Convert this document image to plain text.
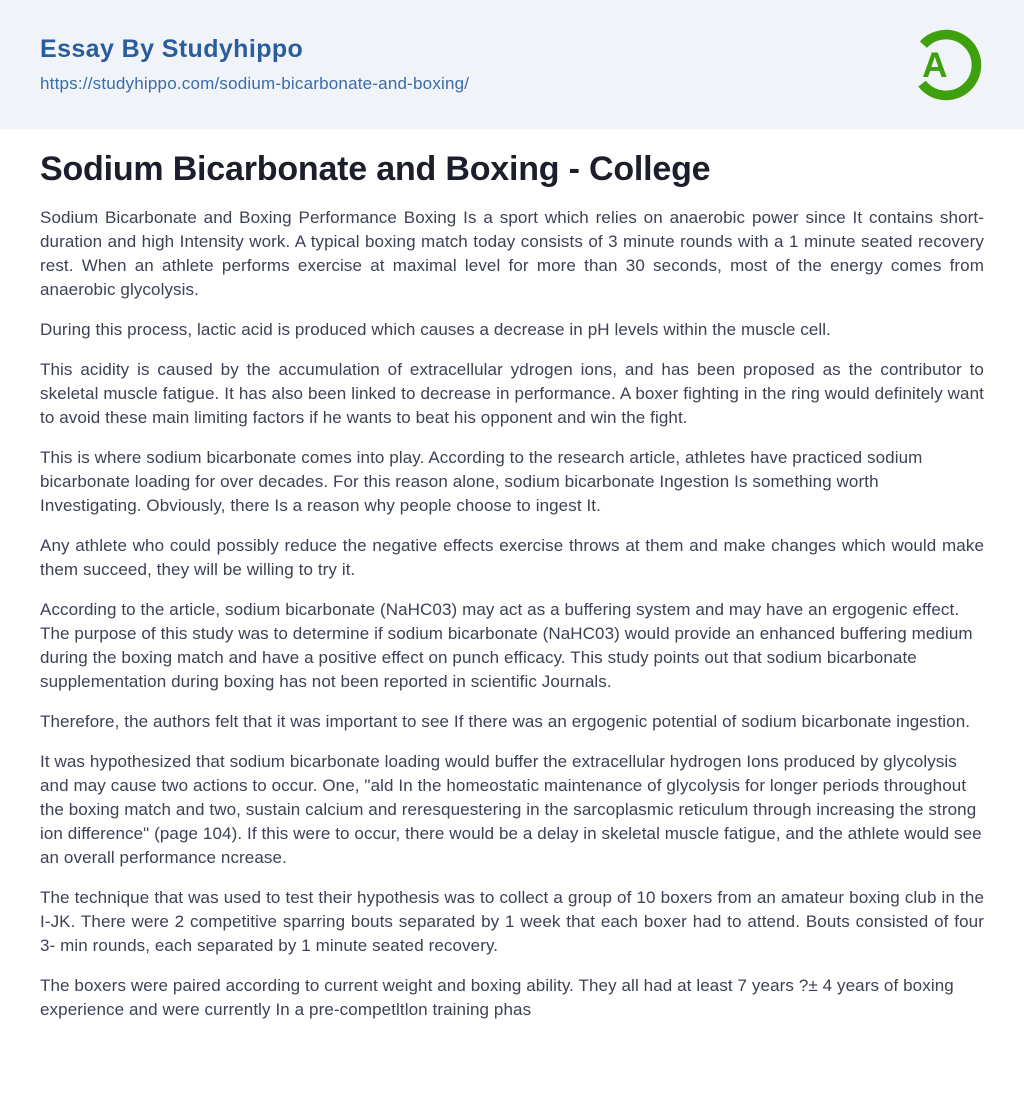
Essay By Studyhippo
https://studyhippo.com/sodium-bicarbonate-and-boxing/	A
Sodium Bicarbonate and Boxing - College

Sodium Bicarbonate and Boxing Performance Boxing Is a sport which relies on anaerobic power since It contains short-duration and high Intensity work. A typical boxing match today consists of 3 minute rounds with a 1 minute seated recovery rest. When an athlete performs exercise at maximal level for more than 30 seconds, most of the energy comes from anaerobic glycolysis.

During this process, lactic acid is produced which causes a decrease in pH levels within the muscle cell.

This acidity is caused by the accumulation of extracellular ydrogen ions, and has been proposed as the contributor to skeletal muscle fatigue. It has also been linked to decrease in performance. A boxer fighting in the ring would definitely want to avoid these main limiting factors if he wants to beat his opponent and win the fight.

This is where sodium bicarbonate comes into play. According to the research article, athletes have practiced sodium bicarbonate loading for over decades. For this reason alone, sodium bicarbonate Ingestion Is something worth Investigating. Obviously, there Is a reason why people choose to ingest It.

Any athlete who could possibly reduce the negative effects exercise throws at them and make changes which would make them succeed, they will be willing to try it.

According to the article, sodium bicarbonate (NaHC03) may act as a buffering system and may have an ergogenic effect. The purpose of this study was to determine if sodium bicarbonate (NaHC03) would provide an enhanced buffering medium during the boxing match and have a positive effect on punch efficacy. This study points out that sodium bicarbonate supplementation during boxing has not been reported in scientific Journals.

Therefore, the authors felt that it was important to see If there was an ergogenic potential of sodium bicarbonate ingestion.

It was hypothesized that sodium bicarbonate loading would buffer the extracellular hydrogen Ions produced by glycolysis and may cause two actions to occur. One, "ald In the homeostatic maintenance of glycolysis for longer periods throughout the boxing match and two, sustain calcium and reresquestering in the sarcoplasmic reticulum through increasing the strong ion difference" (page 104). If this were to occur, there would be a delay in skeletal muscle fatigue, and the athlete would see an overall performance ncrease.

The technique that was used to test their hypothesis was to collect a group of 10 boxers from an amateur boxing club in the I-JK. There were 2 competitive sparring bouts separated by 1 week that each boxer had to attend. Bouts consisted of four 3- min rounds, each separated by 1 minute seated recovery.

The boxers were paired according to current weight and boxing ability. They all had at least 7 years ?± 4 years of boxing experience and were currently In a pre-competltlon training phas
